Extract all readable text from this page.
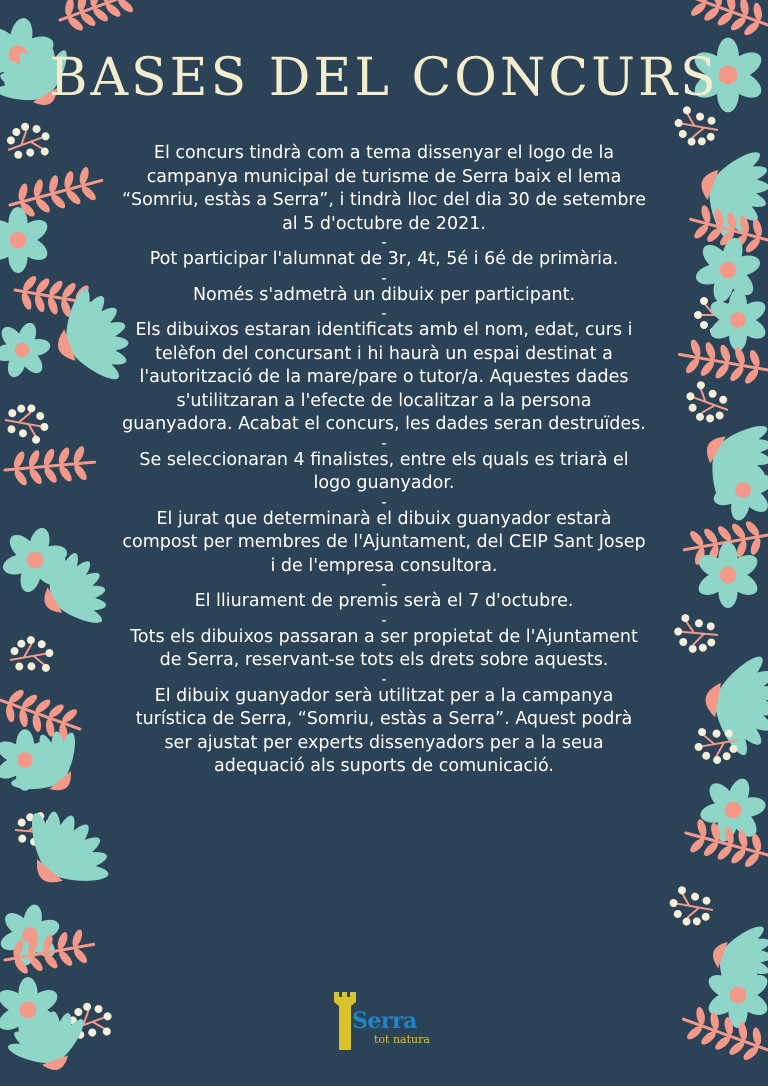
BASES DEL CONCURS

El concurs tindrà com a tema dissenyar el logo de la campanya municipal de turisme de Serra baix el lema “Somriu, estàs a Serra”, i tindrà lloc del dia 30 de setembre al 5 d'octubre de 2021.

-

Pot participar l'alumnat de 3r, 4t, 5é i 6é de primària.

-

Només s'admetrà un dibuix per participant.

-

Els dibuixos estaran identificats amb el nom, edat, curs i telèfon del concursant i hi haurà un espai destinat a l'autorització de la mare/pare o tutor/a. Aquestes dades s'utilitzaran a l'efecte de localitzar a la persona guanyadora. Acabat el concurs, les dades seran destruïdes.

-

Se seleccionaran 4 finalistes, entre els quals es triarà el logo guanyador.

-

El jurat que determinarà el dibuix guanyador estarà compost per membres de l'Ajuntament, del CEIP Sant Josep i de l'empresa consultora.

-

El lliurament de premis serà el 7 d'octubre.

-

Tots els dibuixos passaran a ser propietat de l'Ajuntament de Serra, reservant-se tots els drets sobre aquests.

-

El dibuix guanyador serà utilitzat per a la campanya turística de Serra, “Somriu, estàs a Serra”. Aquest podrà ser ajustat per experts dissenyadors per a la seua adequació als suports de comunicació.

Serra
tot natura
